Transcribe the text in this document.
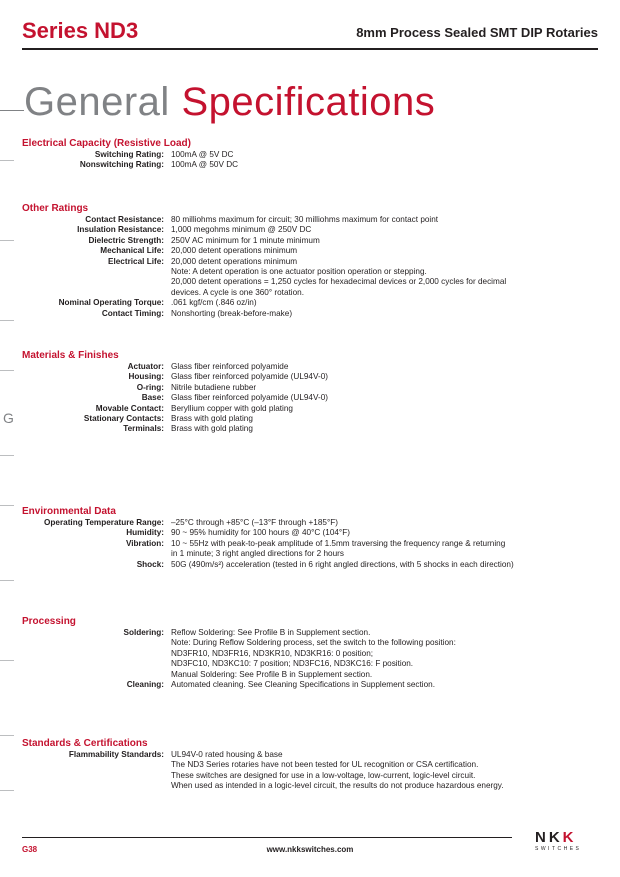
Series ND3	8mm Process Sealed SMT DIP Rotaries
General Specifications
G
Electrical Capacity (Resistive Load)
Switching Rating: 100mA @ 5V DC
Nonswitching Rating: 100mA @ 50V DC
Other Ratings
Contact Resistance: 80 milliohms maximum for circuit; 30 milliohms maximum for contact point
Insulation Resistance: 1,000 megohms minimum @ 250V DC
Dielectric Strength: 250V AC minimum for 1 minute minimum
Mechanical Life: 20,000 detent operations minimum
Electrical Life: 20,000 detent operations minimum
Note: A detent operation is one actuator position operation or stepping.
20,000 detent operations = 1,250 cycles for hexadecimal devices or 2,000 cycles for decimal
devices. A cycle is one 360° rotation.
Nominal Operating Torque: .061 kgf/cm (.846 oz/in)
Contact Timing: Nonshorting (break-before-make)
Materials & Finishes
Actuator: Glass fiber reinforced polyamide
Housing: Glass fiber reinforced polyamide (UL94V-0)
O-ring: Nitrile butadiene rubber
Base: Glass fiber reinforced polyamide (UL94V-0)
Movable Contact: Beryllium copper with gold plating
Stationary Contacts: Brass with gold plating
Terminals: Brass with gold plating
Environmental Data
Operating Temperature Range: –25°C through +85°C (–13°F through +185°F)
Humidity: 90 ~ 95% humidity for 100 hours @ 40°C (104°F)
Vibration: 10 ~ 55Hz with peak-to-peak amplitude of 1.5mm traversing the frequency range & returning
in 1 minute; 3 right angled directions for 2 hours
Shock: 50G (490m/s²) acceleration (tested in 6 right angled directions, with 5 shocks in each direction)
Processing
Soldering: Reflow Soldering: See Profile B in Supplement section.
Note: During Reflow Soldering process, set the switch to the following position:
ND3FR10, ND3FR16, ND3KR10, ND3KR16: 0 position;
ND3FC10, ND3KC10: 7 position; ND3FC16, ND3KC16: F position.
Manual Soldering: See Profile B in Supplement section.
Cleaning: Automated cleaning. See Cleaning Specifications in Supplement section.
Standards & Certifications
Flammability Standards: UL94V-0 rated housing & base
The ND3 Series rotaries have not been tested for UL recognition or CSA certification.
These switches are designed for use in a low-voltage, low-current, logic-level circuit.
When used as intended in a logic-level circuit, the results do not produce hazardous energy.
G38	www.nkkswitches.com
NKK
SWITCHES
